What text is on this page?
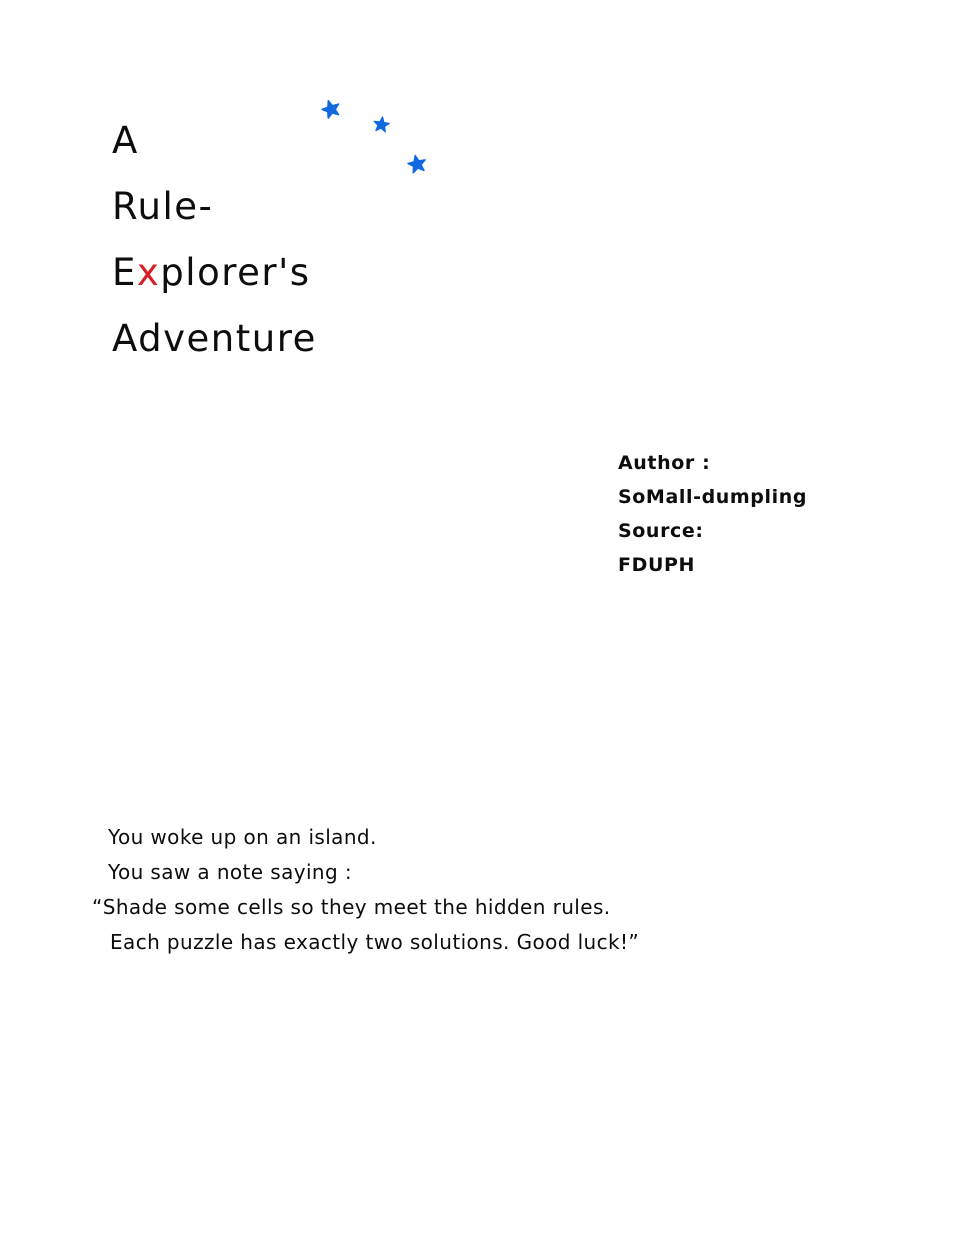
A
Rule-
Explorer's
Adventure
Author :
SoMall-dumpling
Source:
FDUPH
You woke up on an island.
You saw a note saying :
“Shade some cells so they meet the hidden rules.
Each puzzle has exactly two solutions. Good luck!”
